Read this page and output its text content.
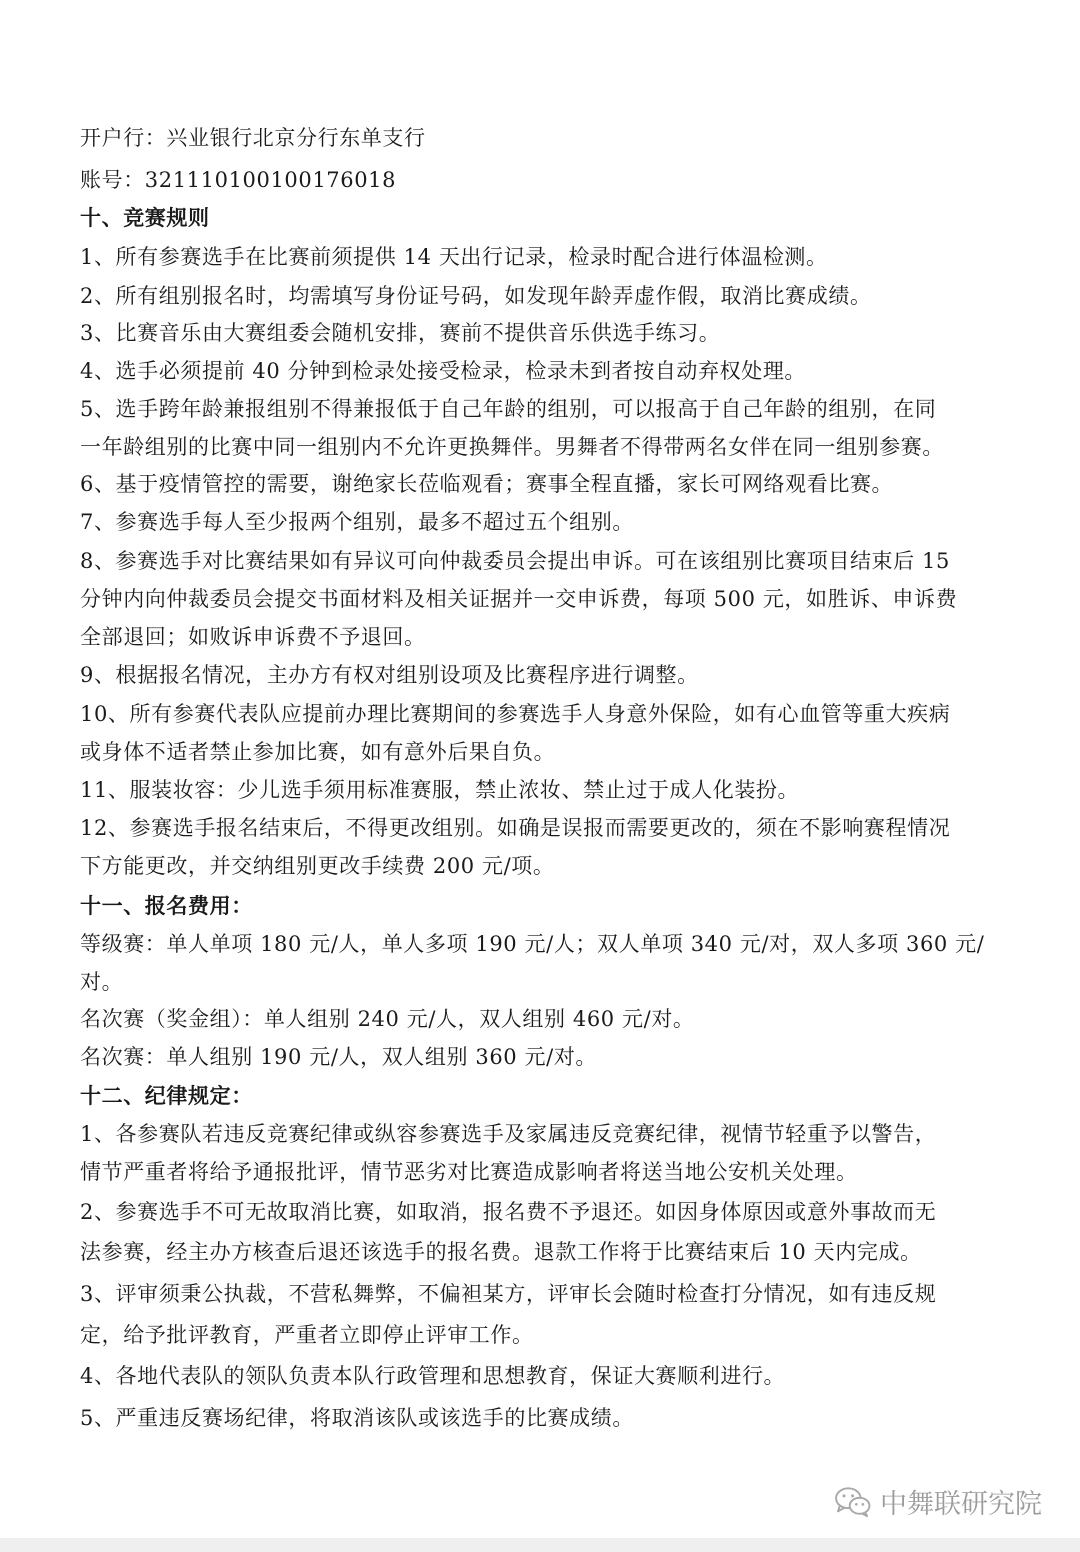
开户行：兴业银行北京分行东单支行
账号：321110100100176018
十、竞赛规则
1、所有参赛选手在比赛前须提供 14 天出行记录，检录时配合进行体温检测。
2、所有组别报名时，均需填写身份证号码，如发现年龄弄虚作假，取消比赛成绩。
3、比赛音乐由大赛组委会随机安排，赛前不提供音乐供选手练习。
4、选手必须提前 40 分钟到检录处接受检录，检录未到者按自动弃权处理。
5、选手跨年龄兼报组别不得兼报低于自己年龄的组别，可以报高于自己年龄的组别，在同
一年龄组别的比赛中同一组别内不允许更换舞伴。男舞者不得带两名女伴在同一组别参赛。
6、基于疫情管控的需要，谢绝家长莅临观看；赛事全程直播，家长可网络观看比赛。
7、参赛选手每人至少报两个组别，最多不超过五个组别。
8、参赛选手对比赛结果如有异议可向仲裁委员会提出申诉。可在该组别比赛项目结束后 15
分钟内向仲裁委员会提交书面材料及相关证据并一交申诉费，每项 500 元，如胜诉、申诉费
全部退回；如败诉申诉费不予退回。
9、根据报名情况，主办方有权对组别设项及比赛程序进行调整。
10、所有参赛代表队应提前办理比赛期间的参赛选手人身意外保险，如有心血管等重大疾病
或身体不适者禁止参加比赛，如有意外后果自负。
11、服装妆容：少儿选手须用标准赛服，禁止浓妆、禁止过于成人化装扮。
12、参赛选手报名结束后，不得更改组别。如确是误报而需要更改的，须在不影响赛程情况
下方能更改，并交纳组别更改手续费 200 元/项。
十一、报名费用：
等级赛：单人单项 180 元/人，单人多项 190 元/人；双人单项 340 元/对，双人多项 360 元/
对。
名次赛（奖金组）：单人组别 240 元/人，双人组别 460 元/对。
名次赛：单人组别 190 元/人，双人组别 360 元/对。
十二、纪律规定：
1、各参赛队若违反竞赛纪律或纵容参赛选手及家属违反竞赛纪律，视情节轻重予以警告，
情节严重者将给予通报批评，情节恶劣对比赛造成影响者将送当地公安机关处理。
2、参赛选手不可无故取消比赛，如取消，报名费不予退还。如因身体原因或意外事故而无
法参赛，经主办方核查后退还该选手的报名费。退款工作将于比赛结束后 10 天内完成。
3、评审须秉公执裁，不营私舞弊，不偏袒某方，评审长会随时检查打分情况，如有违反规
定，给予批评教育，严重者立即停止评审工作。
4、各地代表队的领队负责本队行政管理和思想教育，保证大赛顺利进行。
5、严重违反赛场纪律，将取消该队或该选手的比赛成绩。
中舞联研究院
